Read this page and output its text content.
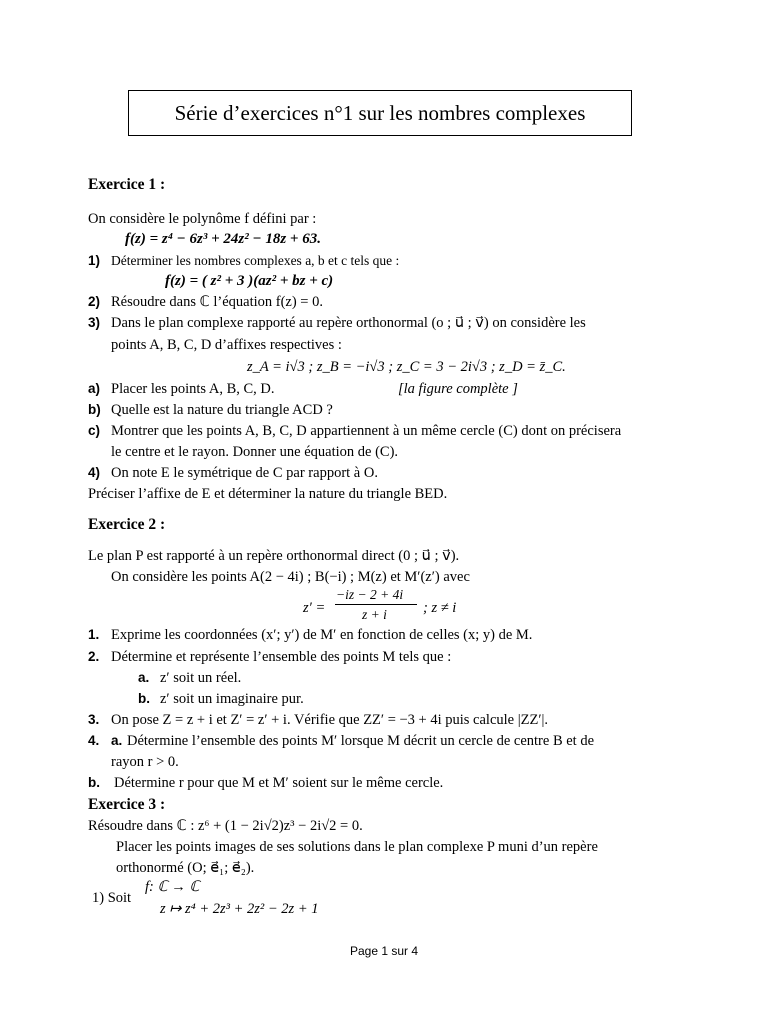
Série d’exercices n°1 sur les nombres complexes
Exercice 1 :
On considère le polynôme f défini par :
f(z) = z⁴ − 6z³ + 24z² − 18z + 63.
1) Déterminer les nombres complexes a, b et c tels que :
f(z) = ( z² + 3 )(az² + bz + c)
2) Résoudre dans ℂ l’équation f(z) = 0.
3) Dans le plan complexe rapporté au repère orthonormal (o ; u⃗ ; v⃗) on considère les
points A, B, C, D d’affixes respectives :
z_A = i√3 ; z_B = −i√3 ; z_C = 3 − 2i√3 ; z_D = z̄_C.
a) Placer les points A, B, C, D.	[la figure complète ]
b) Quelle est la nature du triangle ACD ?
c) Montrer que les points A, B, C, D appartiennent à un même cercle (C) dont on précisera
le centre et le rayon. Donner une équation de (C).
4) On note E le symétrique de C par rapport à O.
Préciser l’affixe de E et déterminer la nature du triangle BED.
Exercice 2 :
Le plan P est rapporté à un repère orthonormal direct (0 ; u⃗ ; v⃗).
On considère les points A(2 − 4i) ; B(−i) ; M(z) et M′(z′) avec
z′ =
−iz − 2 + 4i
z + i ; z ≠ i
1. Exprime les coordonnées (x′; y′) de M′ en fonction de celles (x; y) de M.
2. Détermine et représente l’ensemble des points M tels que :
a. z′ soit un réel.
b. z′ soit un imaginaire pur.
3. On pose Z = z + i et Z′ = z′ + i. Vérifie que ZZ′ = −3 + 4i puis calcule |ZZ′|.
4. a. Détermine l’ensemble des points M′ lorsque M décrit un cercle de centre B et de
rayon r > 0.
b. Détermine r pour que M et M′ soient sur le même cercle.
Exercice 3 :
Résoudre dans ℂ : z⁶ + (1 − 2i√2)z³ − 2i√2 = 0.
Placer les points images de ses solutions dans le plan complexe P muni d’un repère
orthonormé (O; e⃗₁; e⃗₂).
1) Soit
f: ℂ → ℂ
z ↦ z⁴ + 2z³ + 2z² − 2z + 1
Page 1 sur 4
